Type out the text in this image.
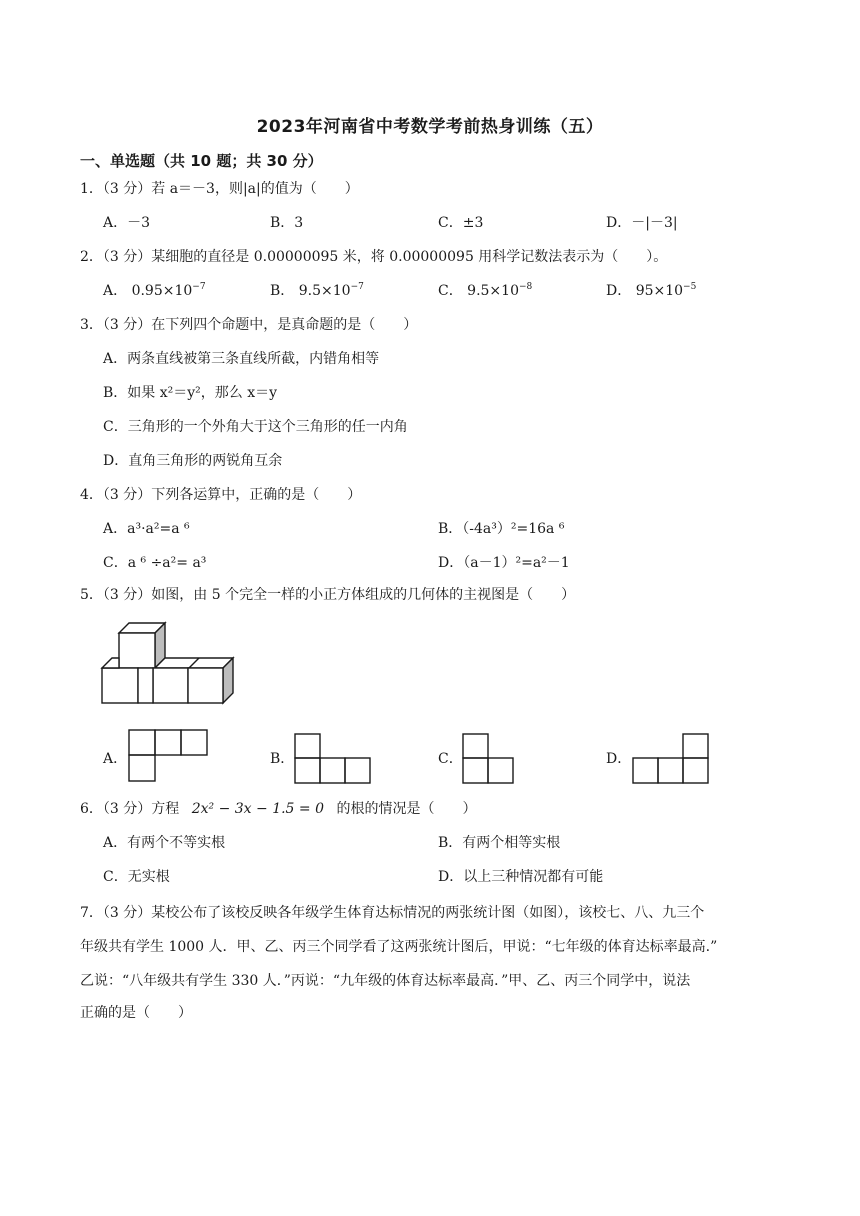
2023年河南省中考数学考前热身训练（五）
一、单选题（共 10 题；共 30 分）
1．（3 分）若 a＝－3，则|a|的值为（　　）
A．－3	B．3	C．±3	D．－|－3|
2．（3 分）某细胞的直径是 0.00000095 米，将 0.00000095 用科学记数法表示为（　　）。
A． $0.95\times 10^{-7}$	B． $9.5\times 10^{-7}$	C． $9.5\times 10^{-8}$	D． $95\times 10^{-5}$
3．（3 分）在下列四个命题中，是真命题的是（　　）
A．两条直线被第三条直线所截，内错角相等
B．如果 x²＝y²，那么 x＝y
C．三角形的一个外角大于这个三角形的任一内角
D．直角三角形的两锐角互余
4．（3 分）下列各运算中，正确的是（　　）
A．a³·a²=a ⁶	B．（-4a³）²=16a ⁶
C．a ⁶ ÷a²= a³	D．（a－1）²=a²－1
5．（3 分）如图，由 5 个完全一样的小正方体组成的几何体的主视图是（　　）
A．	B．	C．	D．
6．（3 分）方程 2x² − 3x − 1.5 = 0 的根的情况是（　　）
A．有两个不等实根	B．有两个相等实根
C．无实根	D．以上三种情况都有可能
7．（3 分）某校公布了该校反映各年级学生体育达标情况的两张统计图（如图），该校七、八、九三个
年级共有学生 1000 人．甲、乙、丙三个同学看了这两张统计图后，甲说：“七年级的体育达标率最高.”
乙说：“八年级共有学生 330 人．”丙说：“九年级的体育达标率最高．”甲、乙、丙三个同学中，说法
正确的是（　　）
